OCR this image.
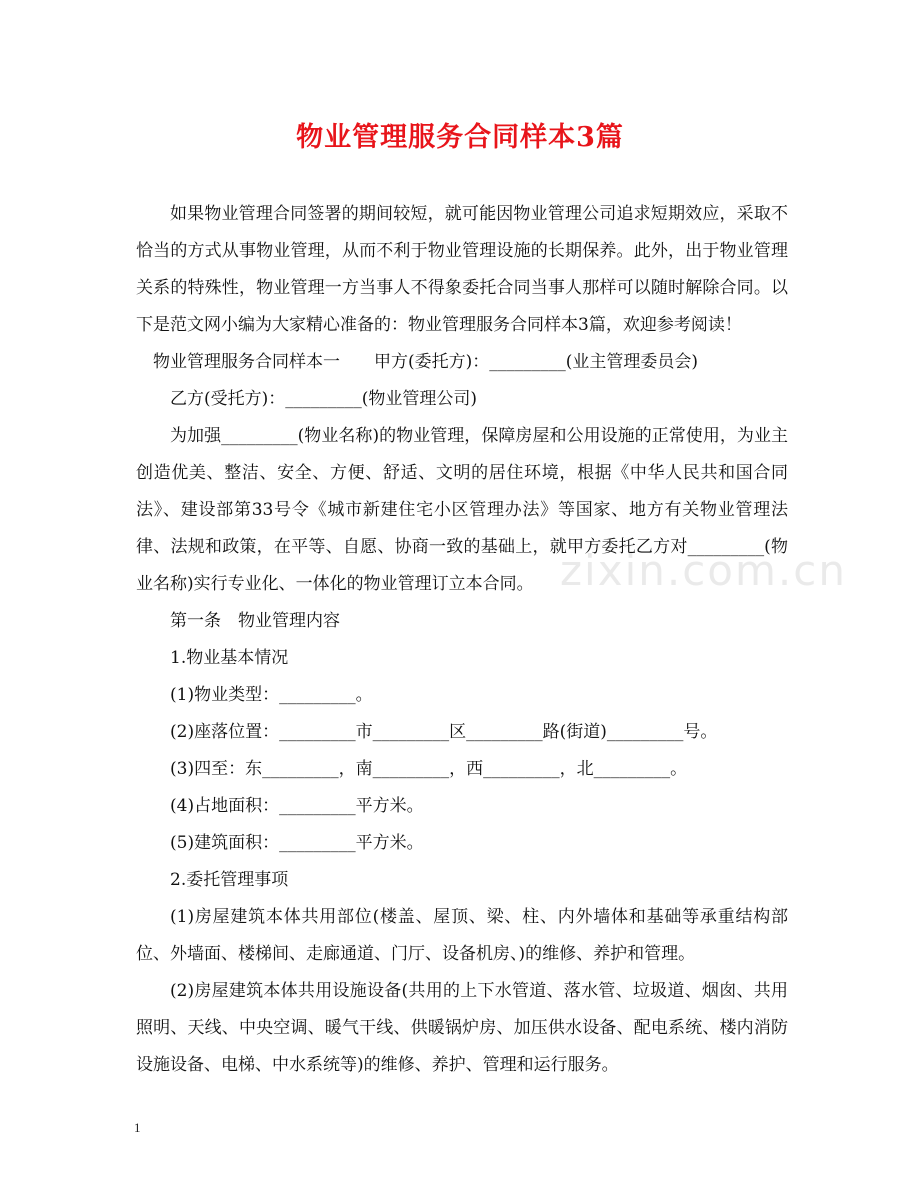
物业管理服务合同样本3篇

如果物业管理合同签署的期间较短，就可能因物业管理公司追求短期效应，采取不恰当的方式从事物业管理，从而不利于物业管理设施的长期保养。此外，出于物业管理关系的特殊性，物业管理一方当事人不得象委托合同当事人那样可以随时解除合同。以下是范文网小编为大家精心准备的：物业管理服务合同样本3篇，欢迎参考阅读！

物业管理服务合同样本一　　甲方(委托方)：_________(业主管理委员会)

乙方(受托方)：_________(物业管理公司)

为加强_________(物业名称)的物业管理，保障房屋和公用设施的正常使用，为业主创造优美、整洁、安全、方便、舒适、文明的居住环境，根据《中华人民共和国合同法》、建设部第33号令《城市新建住宅小区管理办法》等国家、地方有关物业管理法律、法规和政策，在平等、自愿、协商一致的基础上，就甲方委托乙方对_________(物业名称)实行专业化、一体化的物业管理订立本合同。

第一条　物业管理内容

1.物业基本情况

(1)物业类型：_________。

(2)座落位置：_________市_________区_________路(街道)_________号。

(3)四至：东_________，南_________，西_________，北_________。

(4)占地面积：_________平方米。

(5)建筑面积：_________平方米。

2.委托管理事项

(1)房屋建筑本体共用部位(楼盖、屋顶、梁、柱、内外墙体和基础等承重结构部位、外墙面、楼梯间、走廊通道、门厅、设备机房、)的维修、养护和管理。

(2)房屋建筑本体共用设施设备(共用的上下水管道、落水管、垃圾道、烟囱、共用照明、天线、中央空调、暖气干线、供暖锅炉房、加压供水设备、配电系统、楼内消防设施设备、电梯、中水系统等)的维修、养护、管理和运行服务。

zixin.com.cn
1
